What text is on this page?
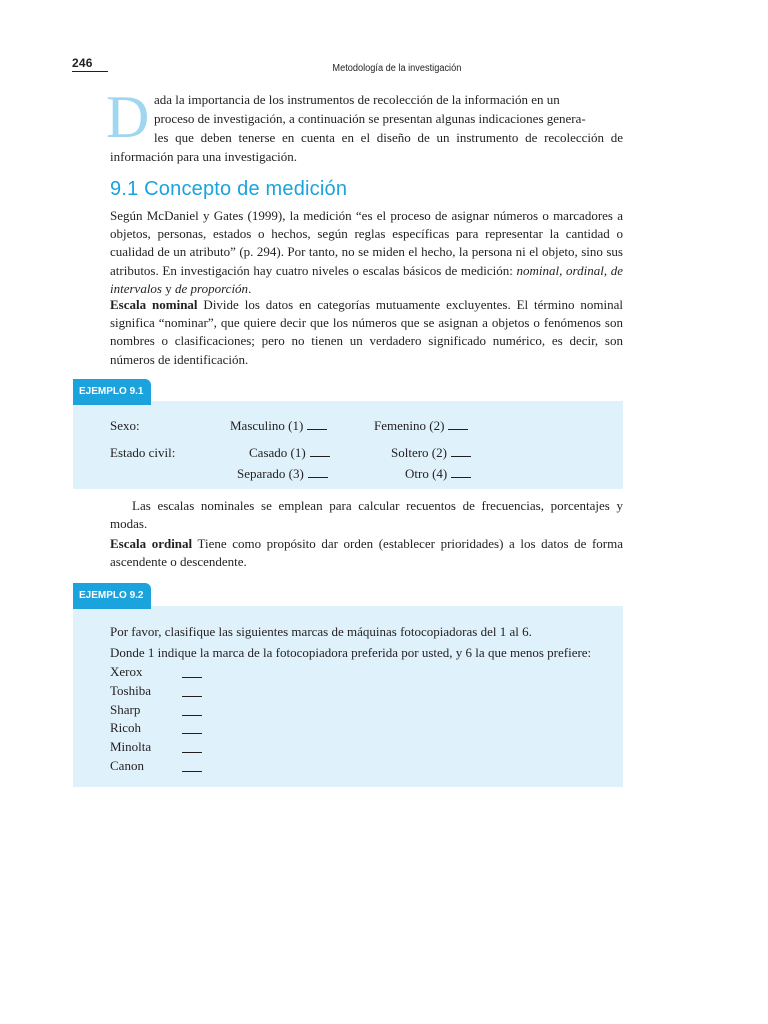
246	Metodología de la investigación
D ada la importancia de los instrumentos de recolección de la información en un
proceso de investigación, a continuación se presentan algunas indicaciones genera-
les que deben tenerse en cuenta en el diseño de un instrumento de recolección de
información para una investigación.
9.1 Concepto de medición
Según McDaniel y Gates (1999), la medición “es el proceso de asignar números o marcadores a objetos, personas, estados o hechos, según reglas específicas para representar la cantidad o cualidad de un atributo” (p. 294). Por tanto, no se miden el hecho, la persona ni el objeto, sino sus atributos. En investigación hay cuatro niveles o escalas básicos de medición: nominal, ordinal, de intervalos y de proporción.
Escala nominal Divide los datos en categorías mutuamente excluyentes. El término nominal significa “nominar”, que quiere decir que los números que se asignan a objetos o fenómenos son nombres o clasificaciones; pero no tienen un verdadero significado numérico, es decir, son números de identificación.
EJEMPLO 9.1
Sexo:	Masculino (1)	Femenino (2)
Estado civil:	Casado (1)	Soltero (2)
Separado (3)	Otro (4)
Las escalas nominales se emplean para calcular recuentos de frecuencias, porcentajes y modas.
Escala ordinal Tiene como propósito dar orden (establecer prioridades) a los datos de forma ascendente o descendente.
EJEMPLO 9.2
Por favor, clasifique las siguientes marcas de máquinas fotocopiadoras del 1 al 6.
Donde 1 indique la marca de la fotocopiadora preferida por usted, y 6 la que menos prefiere:
Xerox
Toshiba
Sharp
Ricoh
Minolta
Canon
